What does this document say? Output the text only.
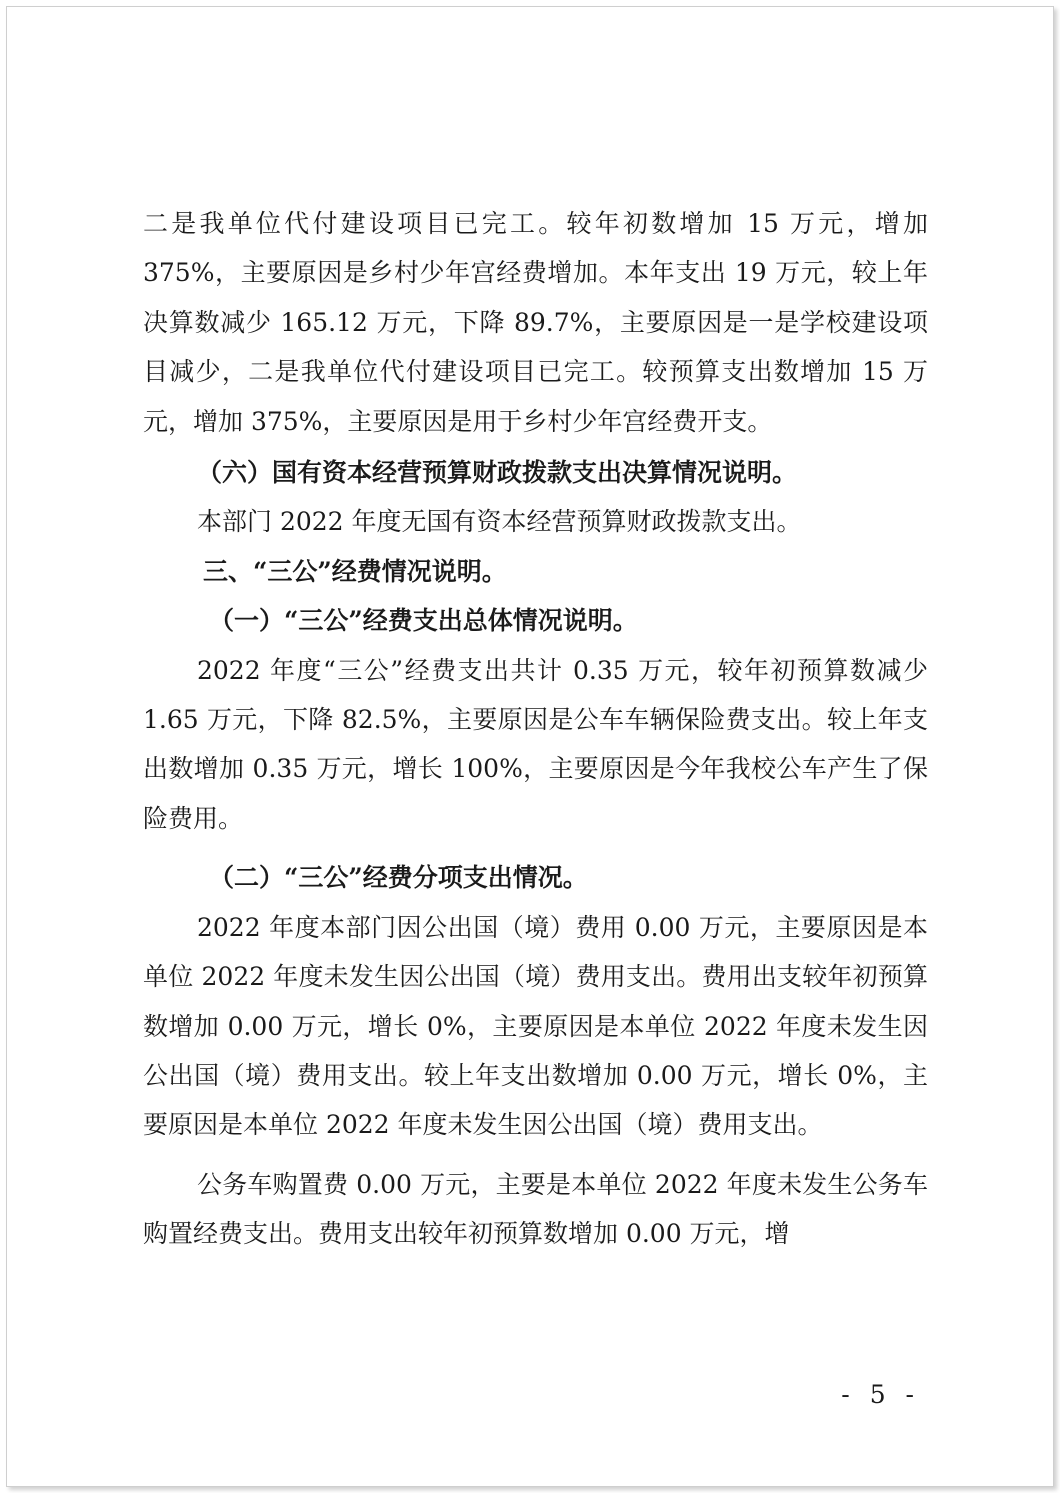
二是我单位代付建设项目已完工。较年初数增加 15 万元，增加 375%，主要原因是乡村少年宫经费增加。本年支出 19 万元，较上年决算数减少 165.12 万元，下降 89.7%，主要原因是一是学校建设项目减少，二是我单位代付建设项目已完工。较预算支出数增加 15 万元，增加 375%，主要原因是用于乡村少年宫经费开支。

（六）国有资本经营预算财政拨款支出决算情况说明。

本部门 2022 年度无国有资本经营预算财政拨款支出。

三、“三公”经费情况说明。

（一）“三公”经费支出总体情况说明。

2022 年度“三公”经费支出共计 0.35 万元，较年初预算数减少 1.65 万元，下降 82.5%，主要原因是公车车辆保险费支出。较上年支出数增加 0.35 万元，增长 100%，主要原因是今年我校公车产生了保险费用。

（二）“三公”经费分项支出情况。

2022 年度本部门因公出国（境）费用 0.00 万元，主要原因是本单位 2022 年度未发生因公出国（境）费用支出。费用出支较年初预算数增加 0.00 万元，增长 0%，主要原因是本单位 2022 年度未发生因公出国（境）费用支出。较上年支出数增加 0.00 万元，增长 0%，主要原因是本单位 2022 年度未发生因公出国（境）费用支出。

公务车购置费 0.00 万元，主要是本单位 2022 年度未发生公务车购置经费支出。费用支出较年初预算数增加 0.00 万元，增

- 5 -
